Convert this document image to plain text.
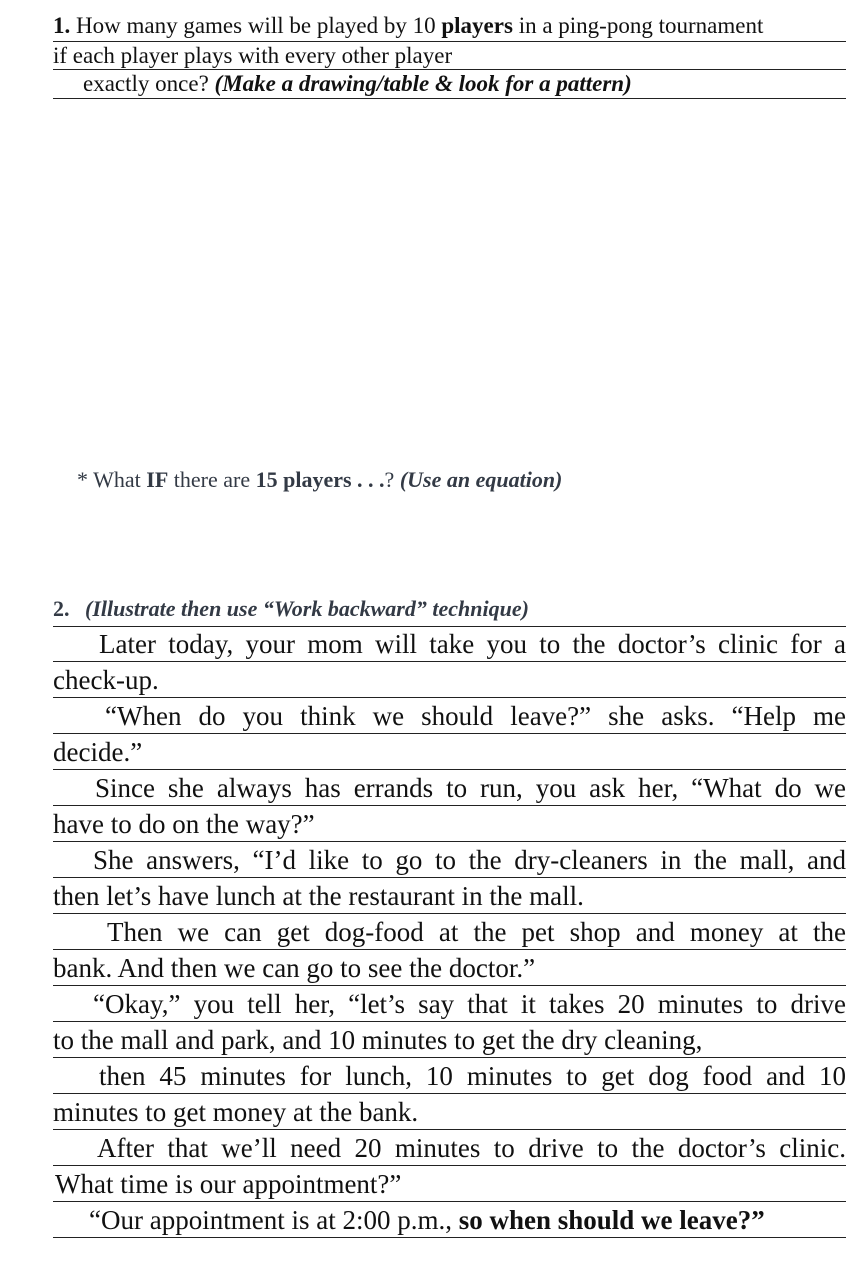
1. How many games will be played by 10 players in a ping-pong tournament
if each player plays with every other player
exactly once? (Make a drawing/table & look for a pattern)
* What IF there are 15 players . . .? (Use an equation)
2. (Illustrate then use “Work backward” technique)
Later today, your mom will take you to the doctor’s clinic for a
check-up.
“When do you think we should leave?” she asks. “Help me
decide.”
Since she always has errands to run, you ask her, “What do we
have to do on the way?”
She answers, “I’d like to go to the dry-cleaners in the mall, and
then let’s have lunch at the restaurant in the mall.
Then we can get dog-food at the pet shop and money at the
bank. And then we can go to see the doctor.”
“Okay,” you tell her, “let’s say that it takes 20 minutes to drive
to the mall and park, and 10 minutes to get the dry cleaning,
then 45 minutes for lunch, 10 minutes to get dog food and 10
minutes to get money at the bank.
After that we’ll need 20 minutes to drive to the doctor’s clinic.
What time is our appointment?”
“Our appointment is at 2:00 p.m., so when should we leave?”
